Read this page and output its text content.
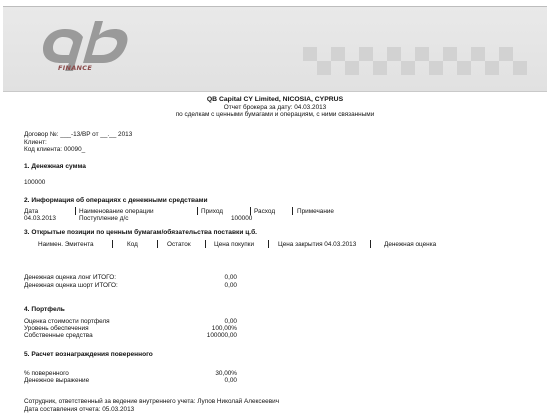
FINANCE
QB Capital CY Limited, NICOSIA, CYPRUS
Отчет брокера за дату: 04.03.2013
по сделкам с ценными бумагами и операциям, с ними связанными
Договор №: ___-13/BP от __.__ 2013
Клиент:
Код клиента: 00090_
1. Денежная сумма
100000
2. Информация об операциях с денежными средствами
Дата	Наименование операции	Приход	Расход	Примечание
04.03.2013	Поступление д/с	100000
3. Открытые позиции по ценным бумагам/обязательства поставки ц.б.
Наимен. Эмитента	Код	Остаток	Цена покупки	Цена закрытия 04.03.2013	Денежная оценка
Денежная оценка лонг ИТОГО:	0,00
Денежная оценка шорт ИТОГО:	0,00
4. Портфель
Оценка стоимости портфеля	0,00
Уровень обеспечения	100,00%
Собственные средства	100000,00
5. Расчет вознаграждения поверенного
% поверенного	30,00%
Денежное выражение	0,00
Сотрудник, ответственный за ведение внутреннего учета: Лупов Николай Алексеевич
Дата составления отчета: 05.03.2013
